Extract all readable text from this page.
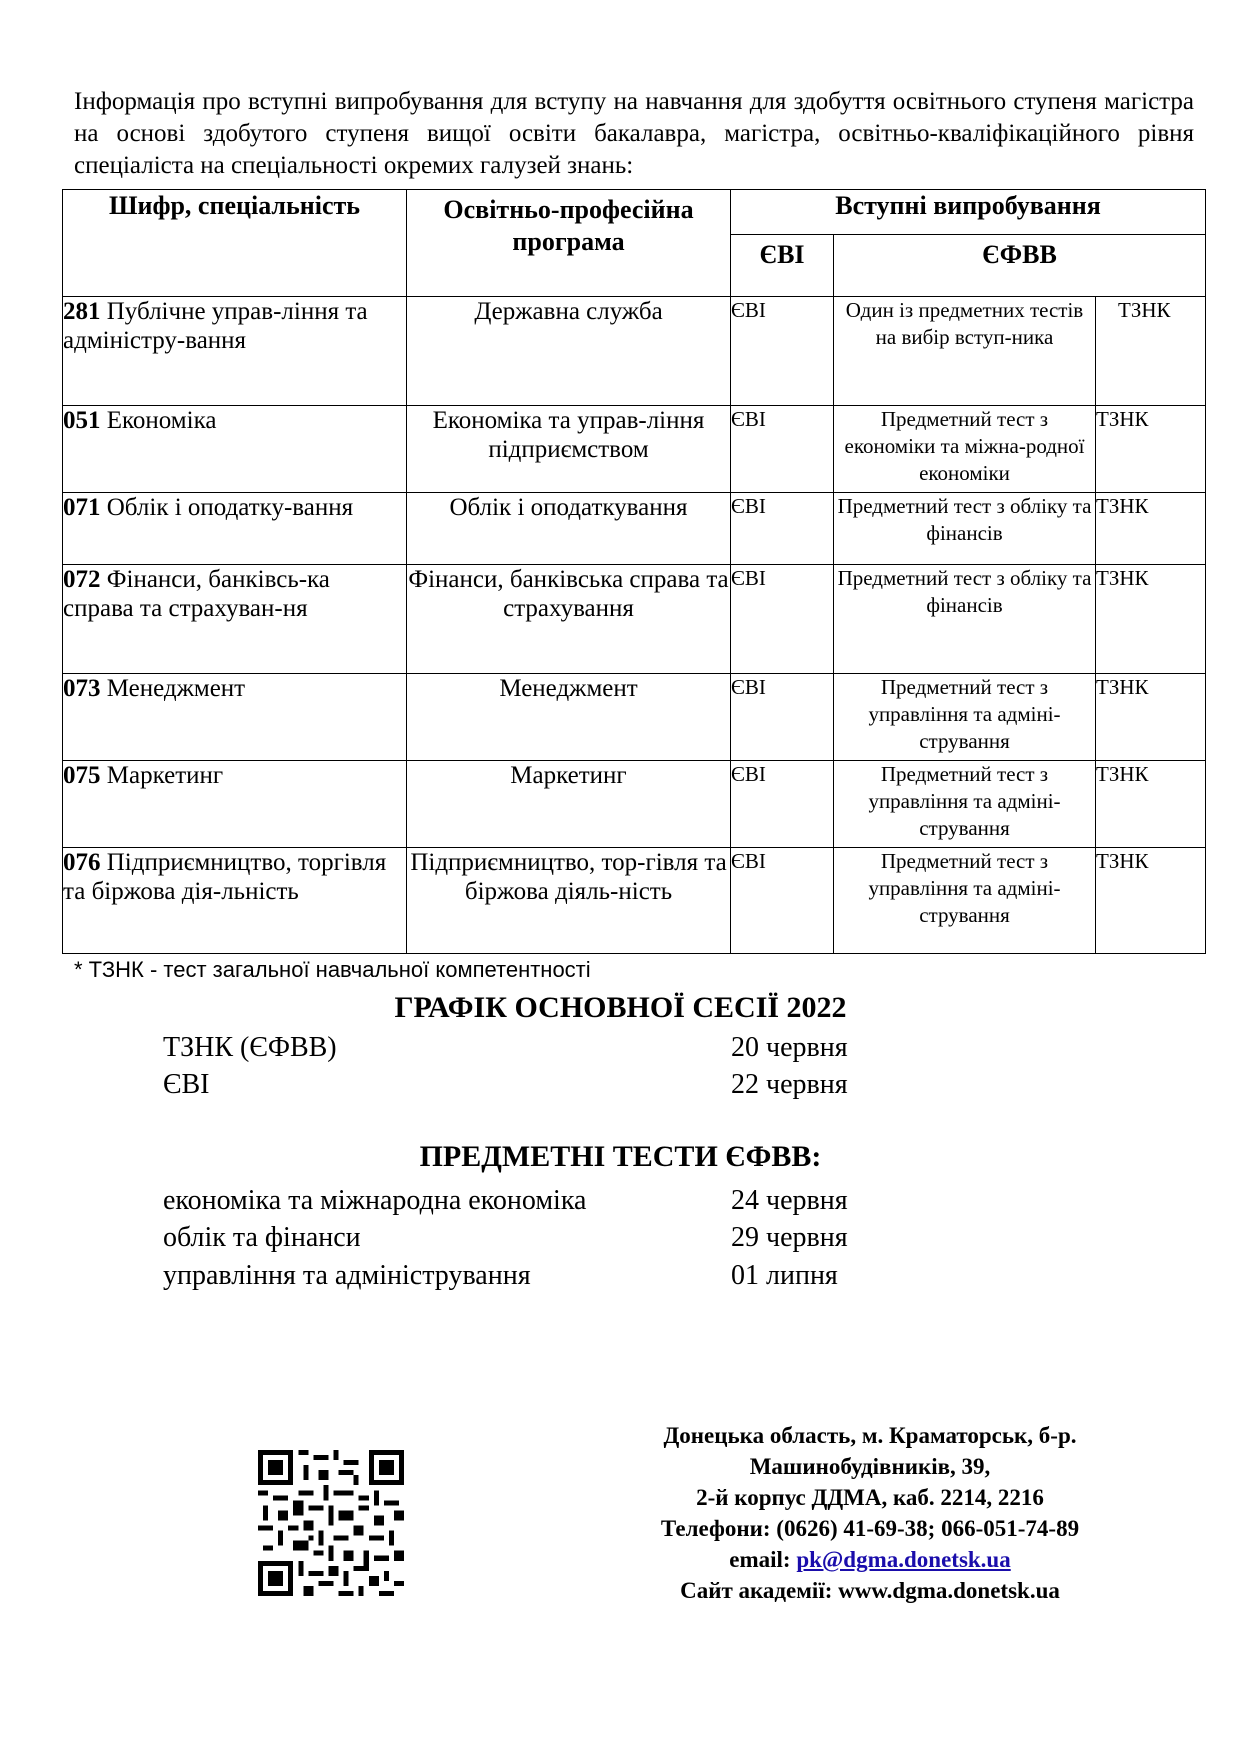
Інформація про вступні випробування для вступу на навчання для здобуття освітнього ступеня магістра на основі здобутого ступеня вищої освіти бакалавра, магістра, освітньо-кваліфікаційного рівня спеціаліста на спеціальності окремих галузей знань:
Шифр, спеціальність	Освітньо-професійна програма	Вступні випробування		
		ЄВІ	ЄФВВ	
281 Публічне управ-ління та адміністру-вання	Державна служба	ЄВІ	Один із предметних тестів на вибір вступ-ника	ТЗНК
051 Економіка	Економіка та управ-ління підприємством	ЄВІ	Предметний тест з економіки та міжна-родної економіки	ТЗНК
071 Облік і оподатку-вання	Облік і оподаткування	ЄВІ	Предметний тест з обліку та фінансів	ТЗНК
072 Фінанси, банківсь-ка справа та страхуван-ня	Фінанси, банківська справа та страхування	ЄВІ	Предметний тест з обліку та фінансів	ТЗНК
073 Менеджмент	Менеджмент	ЄВІ	Предметний тест з управління та адміні-стрування	ТЗНК
075 Маркетинг	Маркетинг	ЄВІ	Предметний тест з управління та адміні-стрування	ТЗНК
076 Підприємництво, торгівля та біржова дія-льність	Підприємництво, тор-гівля та біржова діяль-ність	ЄВІ	Предметний тест з управління та адміні-стрування	ТЗНК
* ТЗНК - тест загальної навчальної компетентності
ГРАФІК ОСНОВНОЇ СЕСІЇ 2022
ТЗНК (ЄФВВ)	20 червня
ЄВІ	22 червня
ПРЕДМЕТНІ ТЕСТИ ЄФВВ:
економіка та міжнародна економіка	24 червня
облік та фінанси	29 червня
управління та адміністрування	01 липня
Донецька область, м. Краматорськ, б-р.
Машинобудівників, 39,
2-й корпус ДДМА, каб. 2214, 2216
Телефони: (0626) 41-69-38; 066-051-74-89
email: pk@dgma.donetsk.ua
Сайт академії: www.dgma.donetsk.ua
